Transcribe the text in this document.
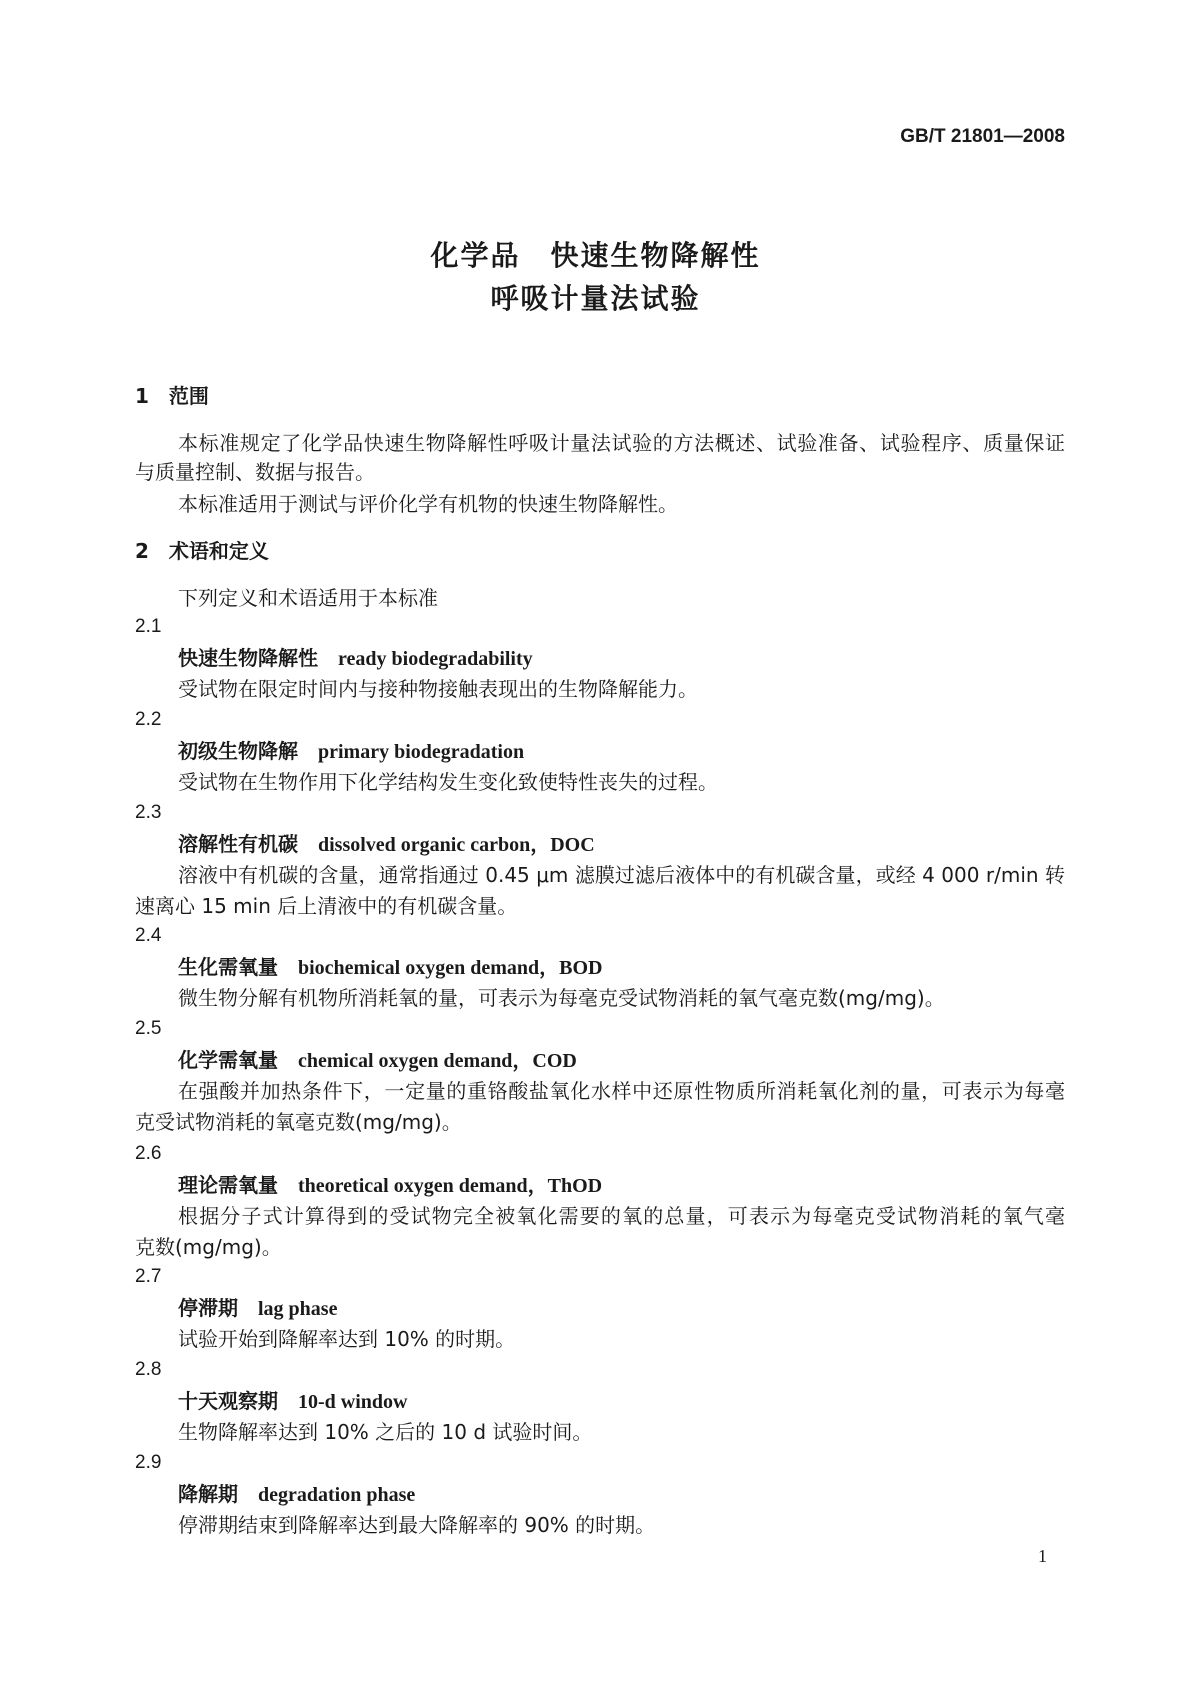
GB/T 21801—2008
化学品　快速生物降解性
呼吸计量法试验
1　 范围
本标准规定了化学品快速生物降解性呼吸计量法试验的方法概述、试验准备、试验程序、质量保证
与质量控制、数据与报告。
本标准适用于测试与评价化学有机物的快速生物降解性。
2　 术语和定义
下列定义和术语适用于本标准
2.1
快速生物降解性 ready biodegradability
受试物在限定时间内与接种物接触表现出的生物降解能力。
2.2
初级生物降解 primary biodegradation
受试物在生物作用下化学结构发生变化致使特性丧失的过程。
2.3
溶解性有机碳 dissolved organic carbon，DOC
溶液中有机碳的含量，通常指通过 0.45 μm 滤膜过滤后液体中的有机碳含量，或经 4 000 r/min 转
速离心 15 min 后上清液中的有机碳含量。
2.4
生化需氧量 biochemical oxygen demand，BOD
微生物分解有机物所消耗氧的量，可表示为每毫克受试物消耗的氧气毫克数(mg/mg)。
2.5
化学需氧量 chemical oxygen demand，COD
在强酸并加热条件下，一定量的重铬酸盐氧化水样中还原性物质所消耗氧化剂的量，可表示为每毫
克受试物消耗的氧毫克数(mg/mg)。
2.6
理论需氧量 theoretical oxygen demand，ThOD
根据分子式计算得到的受试物完全被氧化需要的氧的总量，可表示为每毫克受试物消耗的氧气毫
克数(mg/mg)。
2.7
停滞期 lag phase
试验开始到降解率达到 10% 的时期。
2.8
十天观察期 10-d window
生物降解率达到 10% 之后的 10 d 试验时间。
2.9
降解期 degradation phase
停滞期结束到降解率达到最大降解率的 90% 的时期。
1
